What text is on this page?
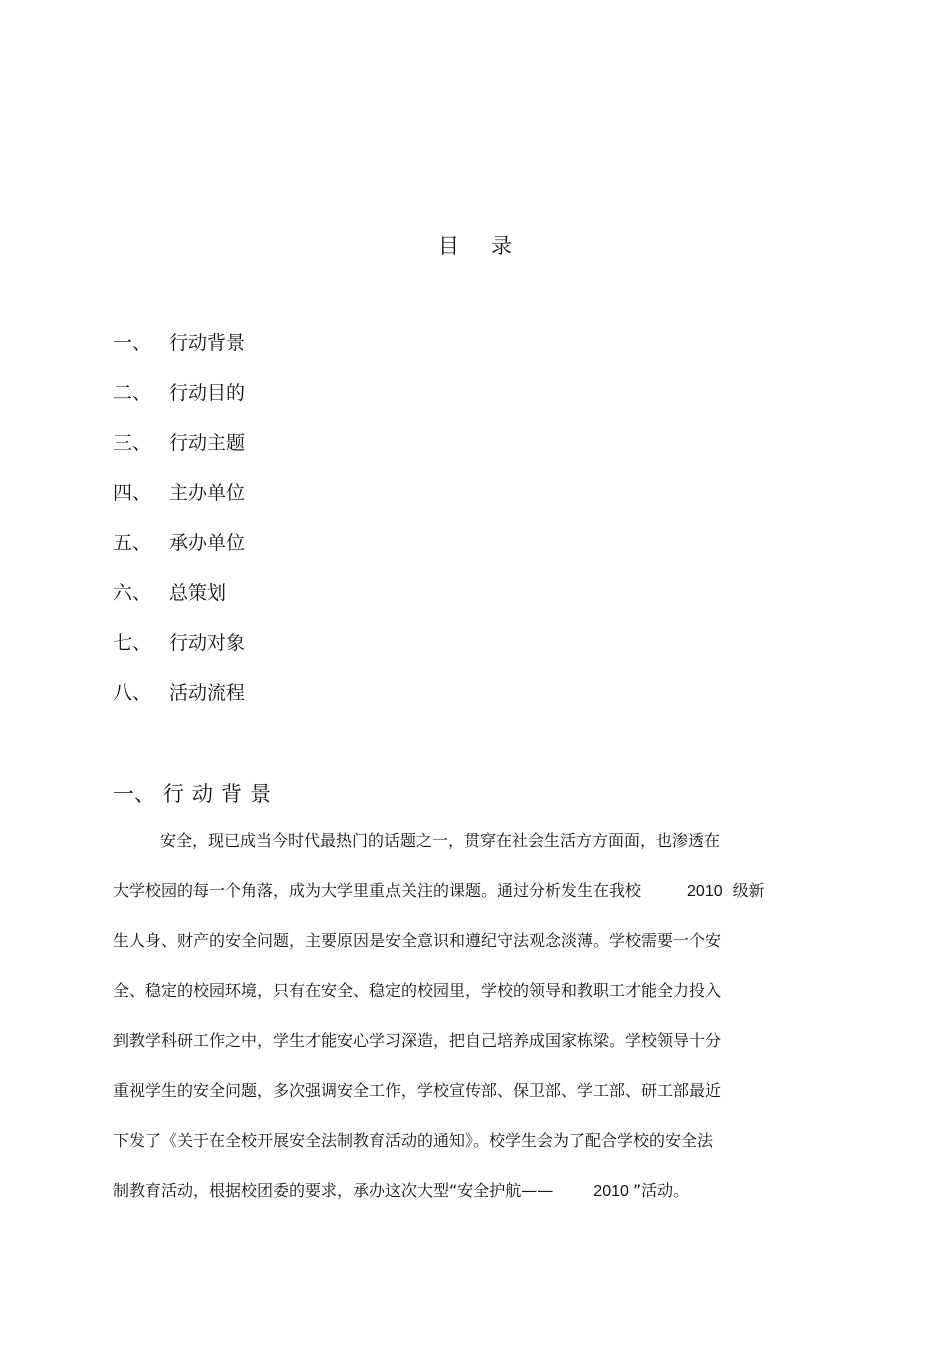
目 录
一、 行动背景
二、 行动目的
三、 行动主题
四、 主办单位
五、 承办单位
六、 总策划
七、 行动对象
八、 活动流程
一、 行动背景
安全，现已成当今时代最热门的话题之一，贯穿在社会生活方方面面，也渗透在
大学校园的每一个角落，成为大学里重点关注的课题。通过分析发生在我校	2010 级新
生人身、财产的安全问题，主要原因是安全意识和遵纪守法观念淡薄。学校需要一个安
全、稳定的校园环境，只有在安全、稳定的校园里，学校的领导和教职工才能全力投入
到教学科研工作之中，学生才能安心学习深造，把自己培养成国家栋梁。学校领导十分
重视学生的安全问题，多次强调安全工作，学校宣传部、保卫部、学工部、研工部最近
下发了《关于在全校开展安全法制教育活动的通知》。校学生会为了配合学校的安全法
制教育活动，根据校团委的要求，承办这次大型“安全护航——	2010 ”活动。
